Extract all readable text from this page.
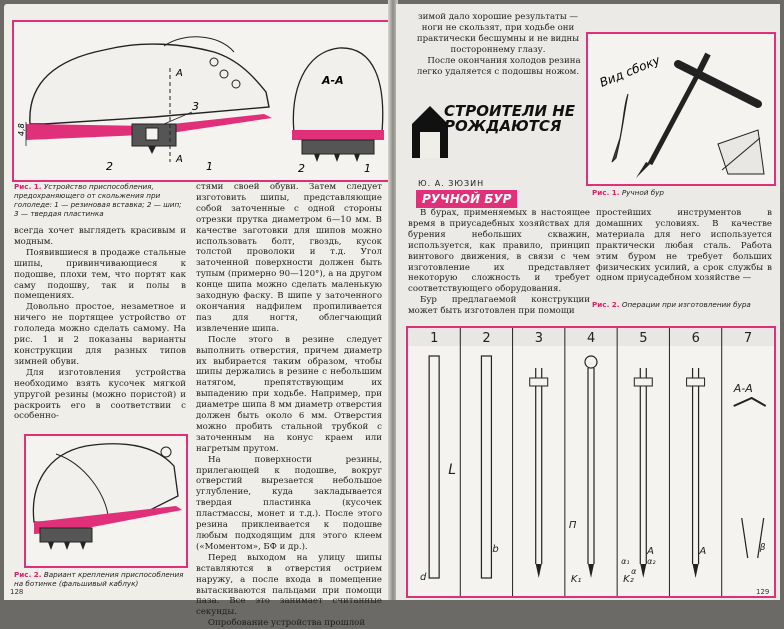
4,8
A
A
3
2	1
А-А
2	1
Рис. 1. Устройство приспособления, предохраняющего от скольжения при гололеде: 1 — резиновая вставка; 2 — шип; 3 — твердая пластинка

всегда хочет выглядеть красивым и модным.

Появившиеся в продаже стальные шипы, привинчивающиеся к подошве, плохи тем, что портят как саму подошву, так и полы в помещениях.

Довольно простое, незаметное и ничего не портящее устройство от гололеда можно сделать самому. На рис. 1 и 2 показаны варианты конструкции для разных типов зимней обуви.

Для изготовления устройства необходимо взять кусочек мягкой упругой резины (можно пористой) и раскроить его в соответствии с особенно-

стями своей обуви. Затем следует изготовить шипы, представляющие собой заточенные с одной стороны отрезки прутка диаметром 6—10 мм. В качестве заготовки для шипов можно использовать болт, гвоздь, кусок толстой проволоки и т.д. Угол заточенной поверхности должен быть тупым (примерно 90—120°), а на другом конце шипа можно сделать маленькую заходную фаску. В шипе у заточенного окончания надфилем пропиливается паз для ногтя, облегчающий извлечение шипа.

После этого в резине следует выполнить отверстия, причем диаметр их выбирается таким образом, чтобы шипы держались в резине с небольшим натягом, препятствующим их выпадению при ходьбе. Например, при диаметре шипа 8 мм диаметр отверстия должен быть около 6 мм. Отверстия можно пробить стальной трубкой с заточенным на конус краем или нагретым прутом.

На поверхности резины, прилегающей к подошве, вокруг отверстий вырезается небольшое углубление, куда закладывается твердая пластинка (кусочек пластмассы, монет и т.д.). После этого резина приклеивается к подошве любым подходящим для этого клеем («Моментом», БФ и др.).

Перед выходом на улицу шипы вставляются в отверстия острием наружу, а после входа в помещение вытаскиваются пальцами при помощи паза. Все это занимает считанные секунды.

Опробование устройства прошлой

Рис. 2. Вариант крепления приспособления на ботинке (фальшивый каблук)
128

зимой дало хорошие результаты — ноги не скользят, при ходьбе они практически бесшумны и не видны постороннему глазу.

После окончания холодов резина легко удаляется с подошвы ножом.

СТРОИТЕЛИ НЕ РОЖДАЮТСЯ
Ю. А. ЗЮЗИН
РУЧНОЙ БУР
Вид сбоку
Рис. 1. Ручной бур

В бурах, применяемых в настоящее время в приусадебных хозяйствах для бурения небольших скважин, используется, как правило, принцип винтового движения, в связи с чем изготовление их представляет некоторую сложность и требует соответствующего оборудования.

Бур предлагаемой конструкции может быть изготовлен при помощи

простейших инструментов в домашних условиях. В качестве материала для него используется практически любая сталь. Работа этим буром не требует больших физических усилий, а срок службы в одном приусадебном хозяйстве —

Рис. 2. Операции при изготовлении бура
1	2	3	4	5	6	7
d
L
b
П
K₁	K₂
α₁
α
α₂
A	A
А-А
β
129
